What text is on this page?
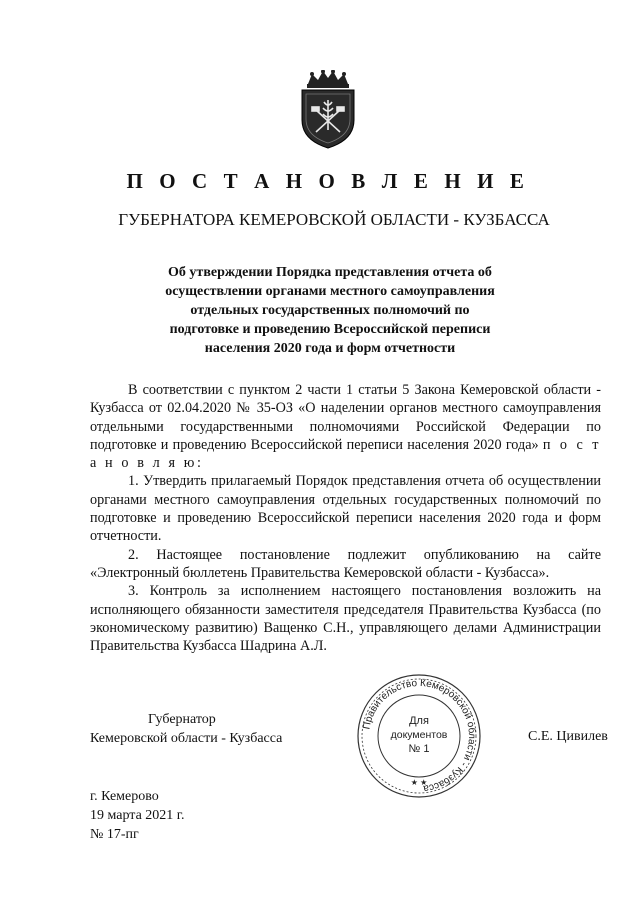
П О С Т А Н О В Л Е Н И Е
ГУБЕРНАТОРА КЕМЕРОВСКОЙ ОБЛАСТИ - КУЗБАССА
Об утверждении Порядка представления отчета об
осуществлении органами местного самоуправления
отдельных государственных полномочий по
подготовке и проведению Всероссийской переписи
населения 2020 года и форм отчетности

В соответствии с пунктом 2 части 1 статьи 5 Закона Кемеровской области - Кузбасса от 02.04.2020 № 35-ОЗ «О наделении органов местного самоуправления отдельными государственными полномочиями Российской Федерации по подготовке и проведению Всероссийской переписи населения 2020 года» п о с т а н о в л я ю:

1. Утвердить прилагаемый Порядок представления отчета об осуществлении органами местного самоуправления отдельных государственных полномочий по подготовке и проведению Всероссийской переписи населения 2020 года и форм отчетности.

2. Настоящее постановление подлежит опубликованию на сайте «Электронный бюллетень Правительства Кемеровской области - Кузбасса».

3. Контроль за исполнением настоящего постановления возложить на исполняющего обязанности заместителя председателя Правительства Кузбасса (по экономическому развитию) Ващенко С.Н., управляющего делами Администрации Правительства Кузбасса Шадрина А.Л.

Губернатор
Кемеровской области - Кузбасса
Правительство Кемеровской области - Кузбасса
Для
документов
№ 1
★ ★
С.Е. Цивилев
г. Кемерово
19 марта 2021 г.
№ 17-пг
